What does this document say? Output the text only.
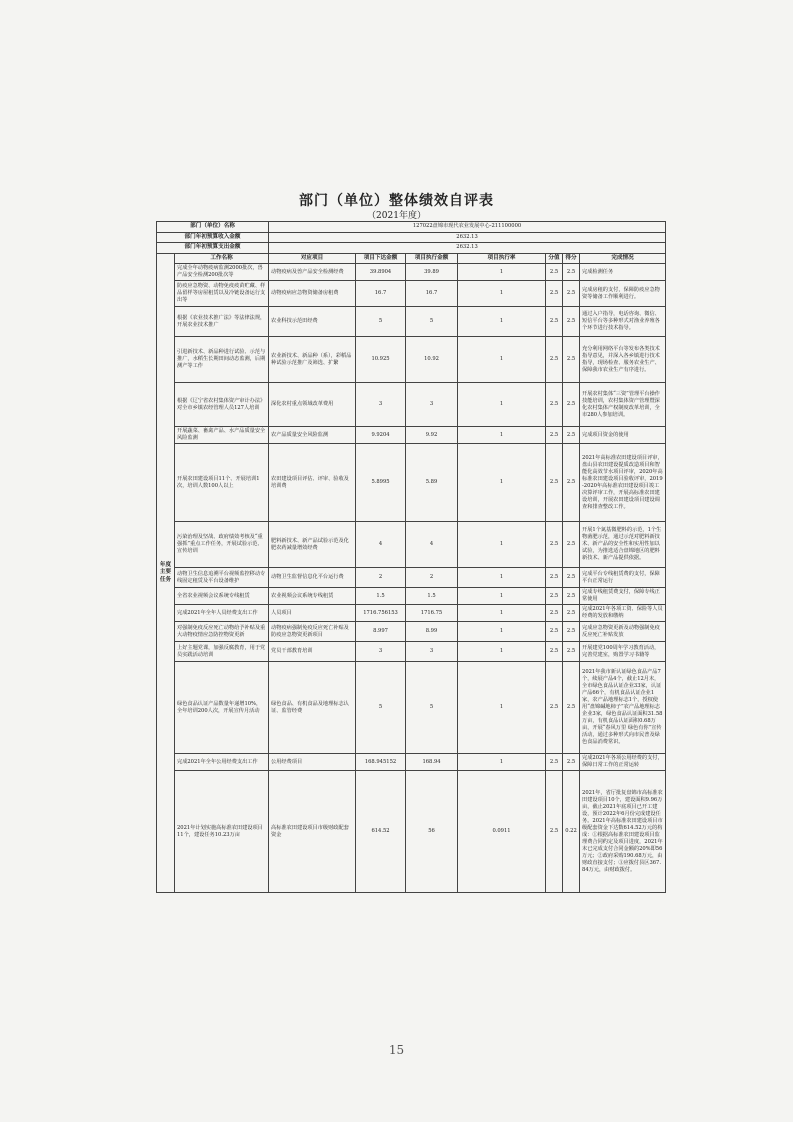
部门（单位）整体绩效自评表
（2021年度）
部门（单位）名称		127022盘锦市现代农业发展中心-211100000						
部门年初预算收入金额		2632.13						
部门年初预算支出金额		2632.13						
年度主要任务	工作名称	对应项目	项目下达金额	项目执行金额	项目执行率	分值	得分	完成情况
	完成全年动物疫病监测2000批次，兽产品安全检测200批次等	动物疫病及兽产品安全检测经费	39.8904	39.89	1	2.5	2.5	完成检测任务
	防疫应急物资、动物免疫疫苗贮藏、样品留样等房屋租赁以及冷链设备运行支出等	动物疫病应急物资储备房租费	16.7	16.7	1	2.5	2.5	完成房租的支付，保障防疫应急物资等储备工作顺利进行。
	根据《农业技术推广法》等法律法规，开展农业技术推广	农业科技示范田经费	5	5	1	2.5	2.5	通过入户指导，电话咨询、微信、短信平台等多种形式对渔业养殖各个环节进行技术指导。
	引进新技术、新品种进行试验、示范与推广，水稻生长期田间动态监测，后期测产等工作	农业新技术、新品种（系），彩稻品种试验示范推广及筛选、扩繁	10.925	10.92	1	2.5	2.5	充分利用网络平台等发布各类技术指导意见，并深入各乡镇进行技术指导，现场检查、服务农业生产、保障我市农业生产有序进行。
	根据《辽宁省农村集体资产审计办法》对全市乡镇农经管理人员127人培训	深化农村重点领域改革费用	3	3	1	2.5	2.5	开展农村集体“三资”管理平台操作技能培训，农村集体资产管理暨深化农村集体产权制度改革培训，全市280人参加培训。
	开展蔬菜、畜禽产品、水产品质量安全风险监测	农产品质量安全风险监测	9.9204	9.92	1	2.5	2.5	完成项目资金的使用
	开展农田建设项目11个、开展培训1次，培训人数100人以上	农田建设项目评估、评审、验收及培训费	5.8995	5.89	1	2.5	2.5	2021年高标准农田建设项目评审，盘山县农田建设提质改造项目和智能化高效节水项目评审，2020年高标准农田建设项目验收评审，2019-2020年高标准农田建设项目竣工决算评审工作，开展高标准农田建设培训，开展农田建设项目建设调查和排查整改工作。
	污染治理及坚战、政府绩效考核及“重强抓”重点工作任务，开展试验示范、宣传培训	肥料新技术、新产品试验示范及化肥农药减量增效经费	4	4	1	2.5	2.5	开展1个氮基微肥料的示范，1个生物菌肥示范，通过示范对肥料新技术、新产品的安全性和实用性加以试验，为推选适合盘锦地区的肥料新技术、新产品提供依据。
	动物卫生信息追溯平台视频监控移动专线固定租赁及平台设备维护	动物卫生监督信息化平台运行费	2	2	1	2.5	2.5	完成平台专线租赁费的支付，保障平台正常运行
	全省农业视频会议系统专线租赁	农业视频会议系统专线租赁	1.5	1.5	1	2.5	2.5	完成专线租赁费支付，保障专线正常使用
	完成2021年全年人员经费支出工作	人员项目	1716.756153	1716.75	1	2.5	2.5	完成2021年各项工资、保险等人员经费的发放和缴纳
	对强制免疫反应死亡动物给予补贴及重大动物疫情应急防控物资更新	动物疫病强制免疫反应死亡补贴及防疫应急物资更新项目	8.997	8.99	1	2.5	2.5	完成应急物资更新及动物强制免疫反应死亡补贴发放
	上好主题党课，加强反腐教育，用于党员实践活动培训	党员干部教育培训	3	3	1	2.5	2.5	开展建党100周年学习教育活动，完善党建室，购置学习书籍等
	绿色食品认证产品数量年递增10%，全年培训200人次，开展宣传月活动	绿色食品、有机食品及地理标志认证、监管经费	5	5	1	2.5	2.5	2021年我市新认证绿色食品产品7个，续展产品4个，截止12月末，全市绿色食品认证企业33家，认证产品66个，有机食品认证企业1家，农产品地理标志1个，授权使用“盘锦碱地柿子”农产品地理标志企业3家，绿色食品认证面积31.58万亩，有机食品认证面积0.68万亩，开展“春风万里 绿色有你”宣传活动，通过多种形式向市民普及绿色食品消费常识。
	完成2021年全年公用经费支出工作	公用经费项目	168.945152	168.94	1	2.5	2.5	完成2021年各项公用经费的支付，保障日常工作的正常运转
	2021年计划实施高标准农田建设项目11个，建设任务10.23万亩	高标准农田建设项目市级财政配套资金	614.52	56	0.0911	2.5	0.22	2021年，省厅批复盘锦市高标准农田建设项目10个，建设面积9.96万亩，截止2021年底项目已开工建设，预计2022年6月份完成建设任务。2021年高标准农田建设项目市级配套资金下达数614.52万元的构成：①根据高标准农田建设项目监理费合同约定及项目进度，2021年末已完成支付合同金额的20%即56万元；②政府采购190.68万元，由财政直接支付；③应拨付县区367.84万元，由财政拨付。
15
